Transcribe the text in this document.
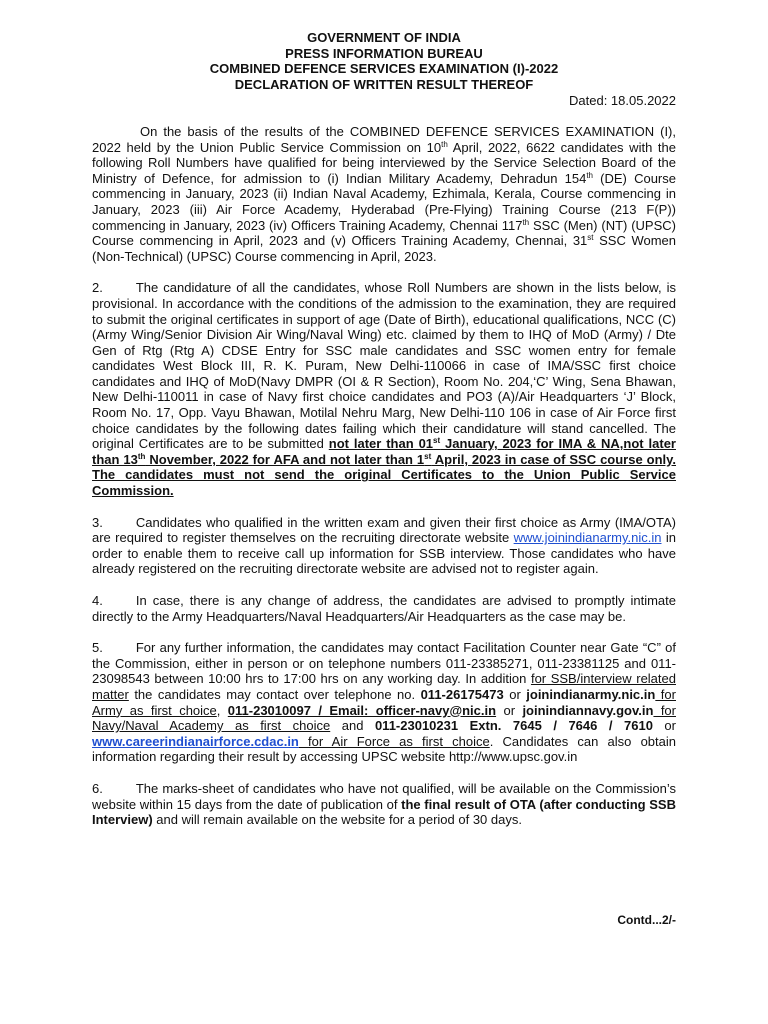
GOVERNMENT OF INDIA
PRESS INFORMATION BUREAU
COMBINED DEFENCE SERVICES EXAMINATION (I)-2022
DECLARATION OF WRITTEN RESULT THEREOF
Dated: 18.05.2022

On the basis of the results of the COMBINED DEFENCE SERVICES EXAMINATION (I), 2022 held by the Union Public Service Commission on 10th April, 2022, 6622 candidates with the following Roll Numbers have qualified for being interviewed by the Service Selection Board of the Ministry of Defence, for admission to (i) Indian Military Academy, Dehradun 154th (DE) Course commencing in January, 2023 (ii) Indian Naval Academy, Ezhimala, Kerala, Course commencing in January, 2023 (iii) Air Force Academy, Hyderabad (Pre-Flying) Training Course (213 F(P)) commencing in January, 2023 (iv) Officers Training Academy, Chennai 117th SSC (Men) (NT) (UPSC) Course commencing in April, 2023 and (v) Officers Training Academy, Chennai, 31st SSC Women (Non-Technical) (UPSC) Course commencing in April, 2023.

2.	The candidature of all the candidates, whose Roll Numbers are shown in the lists below, is provisional. In accordance with the conditions of the admission to the examination, they are required to submit the original certificates in support of age (Date of Birth), educational qualifications, NCC (C) (Army Wing/Senior Division Air Wing/Naval Wing) etc. claimed by them to IHQ of MoD (Army) / Dte Gen of Rtg (Rtg A) CDSE Entry for SSC male candidates and SSC women entry for female candidates West Block III, R. K. Puram, New Delhi-110066 in case of IMA/SSC first choice candidates and IHQ of MoD(Navy DMPR (OI & R Section), Room No. 204,‘C’ Wing, Sena Bhawan, New Delhi-110011 in case of Navy first choice candidates and PO3 (A)/Air Headquarters ‘J’ Block, Room No. 17, Opp. Vayu Bhawan, Motilal Nehru Marg, New Delhi-110 106 in case of Air Force first choice candidates by the following dates failing which their candidature will stand cancelled. The original Certificates are to be submitted not later than 01st January, 2023 for IMA & NA,not later than 13th November, 2022 for AFA and not later than 1st April, 2023 in case of SSC course only. The candidates must not send the original Certificates to the Union Public Service Commission.

3.	Candidates who qualified in the written exam and given their first choice as Army (IMA/OTA) are required to register themselves on the recruiting directorate website www.joinindianarmy.nic.in in order to enable them to receive call up information for SSB interview. Those candidates who have already registered on the recruiting directorate website are advised not to register again.

4.	In case, there is any change of address, the candidates are advised to promptly intimate directly to the Army Headquarters/Naval Headquarters/Air Headquarters as the case may be.

5.	For any further information, the candidates may contact Facilitation Counter near Gate “C” of the Commission, either in person or on telephone numbers 011-23385271, 011-23381125 and 011-23098543 between 10:00 hrs to 17:00 hrs on any working day. In addition for SSB/interview related matter the candidates may contact over telephone no. 011-26175473 or joinindianarmy.nic.in for Army as first choice, 011-23010097 / Email: officer-navy@nic.in or joinindiannavy.gov.in for Navy/Naval Academy as first choice and 011-23010231 Extn. 7645 / 7646 / 7610 or www.careerindianairforce.cdac.in for Air Force as first choice. Candidates can also obtain information regarding their result by accessing UPSC website http://www.upsc.gov.in

6.	The marks-sheet of candidates who have not qualified, will be available on the Commission’s website within 15 days from the date of publication of the final result of OTA (after conducting SSB Interview) and will remain available on the website for a period of 30 days.

Contd...2/-
